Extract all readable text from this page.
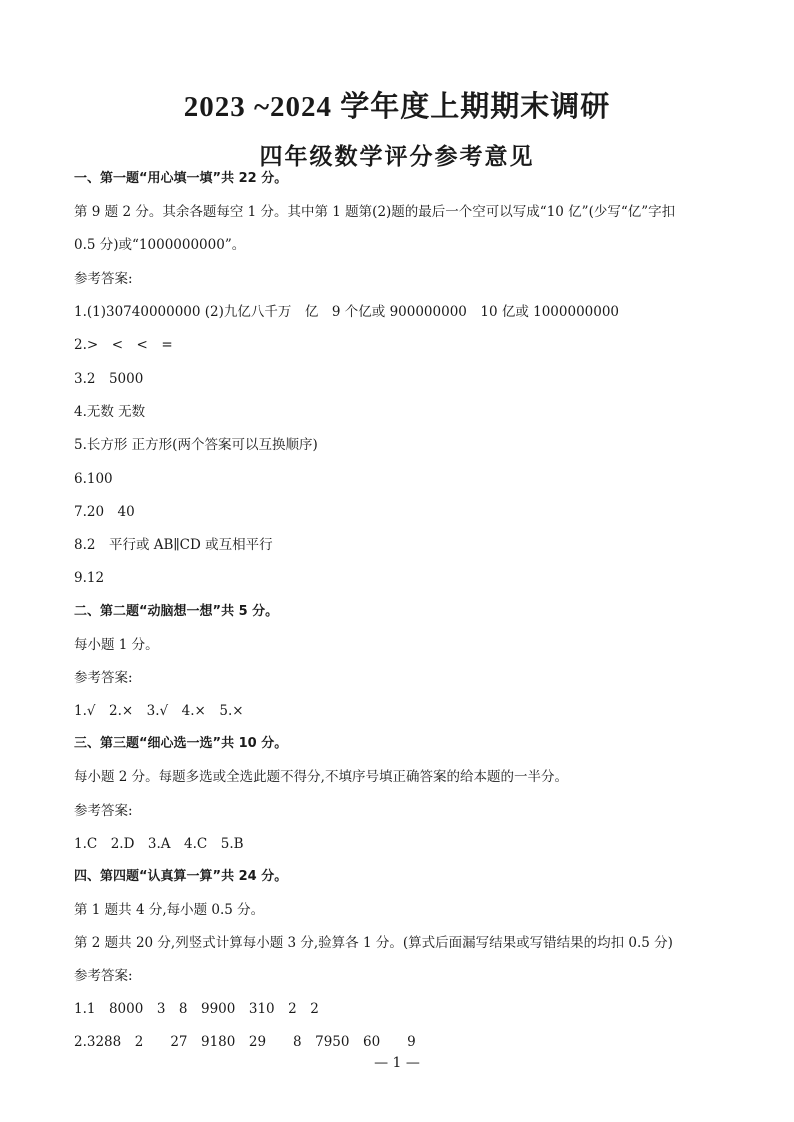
2023 ~2024 学年度上期期末调研
四年级数学评分参考意见
一、第一题“用心填一填”共 22 分。
第 9 题 2 分。其余各题每空 1 分。其中第 1 题第(2)题的最后一个空可以写成“10 亿”(少写“亿”字扣
0.5 分)或“1000000000”。
参考答案:
1.(1)30740000000 (2)九亿八千万　亿　9 个亿或 900000000　10 亿或 1000000000
2.>　<　<　=
3.2　5000
4.无数 无数
5.长方形 正方形(两个答案可以互换顺序)
6.100
7.20　40
8.2　平行或 AB∥CD 或互相平行
9.12
二、第二题“动脑想一想”共 5 分。
每小题 1 分。
参考答案:
1.√　2.×　3.√　4.×　5.×
三、第三题“细心选一选”共 10 分。
每小题 2 分。每题多选或全选此题不得分,不填序号填正确答案的给本题的一半分。
参考答案:
1.C　2.D　3.A　4.C　5.B
四、第四题“认真算一算”共 24 分。
第 1 题共 4 分,每小题 0.5 分。
第 2 题共 20 分,列竖式计算每小题 3 分,验算各 1 分。(算式后面漏写结果或写错结果的均扣 0.5 分)
参考答案:
1.1　8000　3　8　9900　310　2　2
2.3288　2　　27　9180　29　　8　7950　60　　9
— 1 —
